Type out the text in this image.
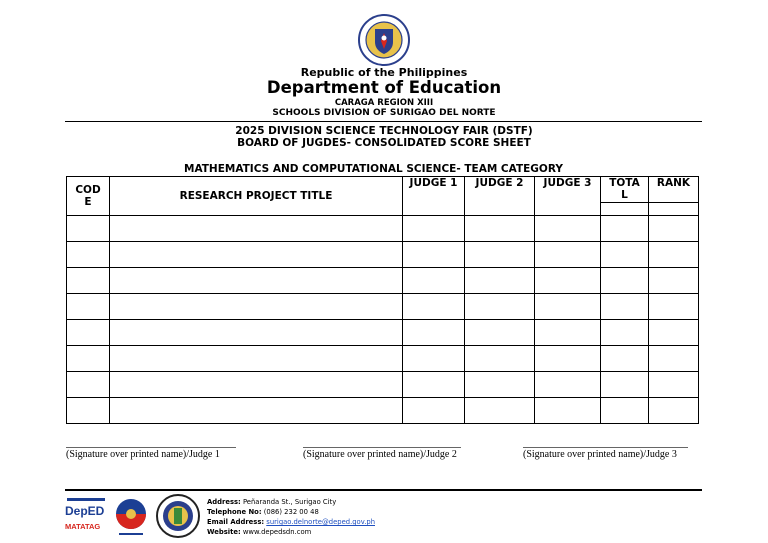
Republic of the Philippines
Department of Education
CARAGA REGION XIII
SCHOOLS DIVISION OF SURIGAO DEL NORTE
2025 DIVISION SCIENCE TECHNOLOGY FAIR (DSTF)
BOARD OF JUGDES- CONSOLIDATED SCORE SHEET
MATHEMATICS AND COMPUTATIONAL SCIENCE- TEAM CATEGORY
COD E	RESEARCH PROJECT TITLE	JUDGE 1	JUDGE 2	JUDGE 3	TOTA L	RANK

(Signature over printed name)/Judge 1	(Signature over printed name)/Judge 2	(Signature over printed name)/Judge 3
DepED
MATATAG
Address: Peñaranda St., Surigao City
Telephone No: (086) 232 00 48
Email Address: surigao.delnorte@deped.gov.ph
Website: www.depedsdn.com
